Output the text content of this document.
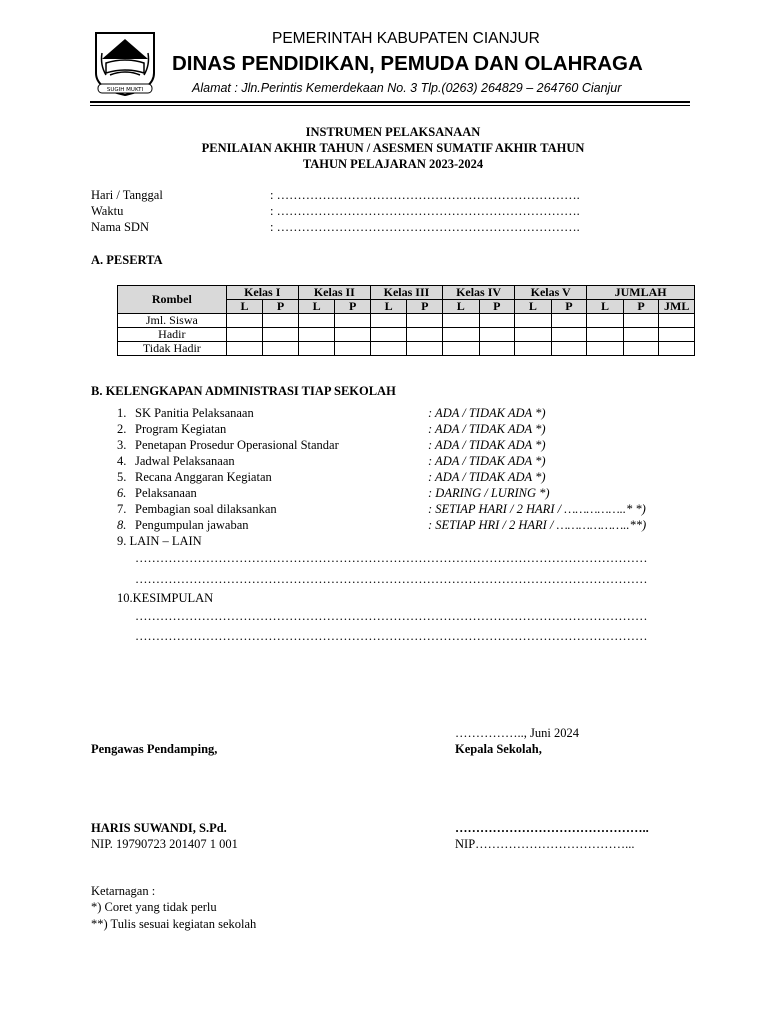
SUGIH MUKTI
PEMERINTAH KABUPATEN CIANJUR
DINAS PENDIDIKAN, PEMUDA DAN OLAHRAGA
Alamat : Jln.Perintis Kemerdekaan No. 3 Tlp.(0263) 264829 – 264760 Cianjur
INSTRUMEN PELAKSANAAN
PENILAIAN AKHIR TAHUN / ASESMEN SUMATIF AKHIR TAHUN
TAHUN PELAJARAN 2023-2024
Hari / Tanggal	: ……………………………………………………………….
Waktu	: ……………………………………………………………….
Nama SDN	: ……………………………………………………………….
A. PESERTA
Rombel	Kelas I		Kelas II		Kelas III		Kelas IV		Kelas V		JUMLAH		
	L	P	L	P	L	P	L	P	L	P	L	P	JML
Jml. Siswa													
Hadir													
Tidak Hadir													
B. KELENGKAPAN ADMINISTRASI TIAP SEKOLAH
1. SK Panitia Pelaksanaan	: ADA / TIDAK ADA *)
2. Program Kegiatan	: ADA / TIDAK ADA *)
3. Penetapan Prosedur Operasional Standar	: ADA / TIDAK ADA *)
4. Jadwal Pelaksanaan	: ADA / TIDAK ADA *)
5. Recana Anggaran Kegiatan	: ADA / TIDAK ADA *)
6. Pelaksanaan	: DARING / LURING *)
7. Pembagian soal dilaksankan	: SETIAP HARI / 2 HARI / ……………..* *)
8. Pengumpulan jawaban	: SETIAP HRI / 2 HARI / ………………..**)
9. LAIN – LAIN
……………………………………………………………………………………………………………
……………………………………………………………………………………………………………
10.KESIMPULAN
……………………………………………………………………………………………………………
……………………………………………………………………………………………………………
…………….., Juni 2024
Pengawas Pendamping,	Kepala Sekolah,
HARIS SUWANDI, S.Pd.	………………………………………..
NIP. 19790723 201407 1 001	NIP………………………………...
Ketarnagan :
*) Coret yang tidak perlu
**) Tulis sesuai kegiatan sekolah
